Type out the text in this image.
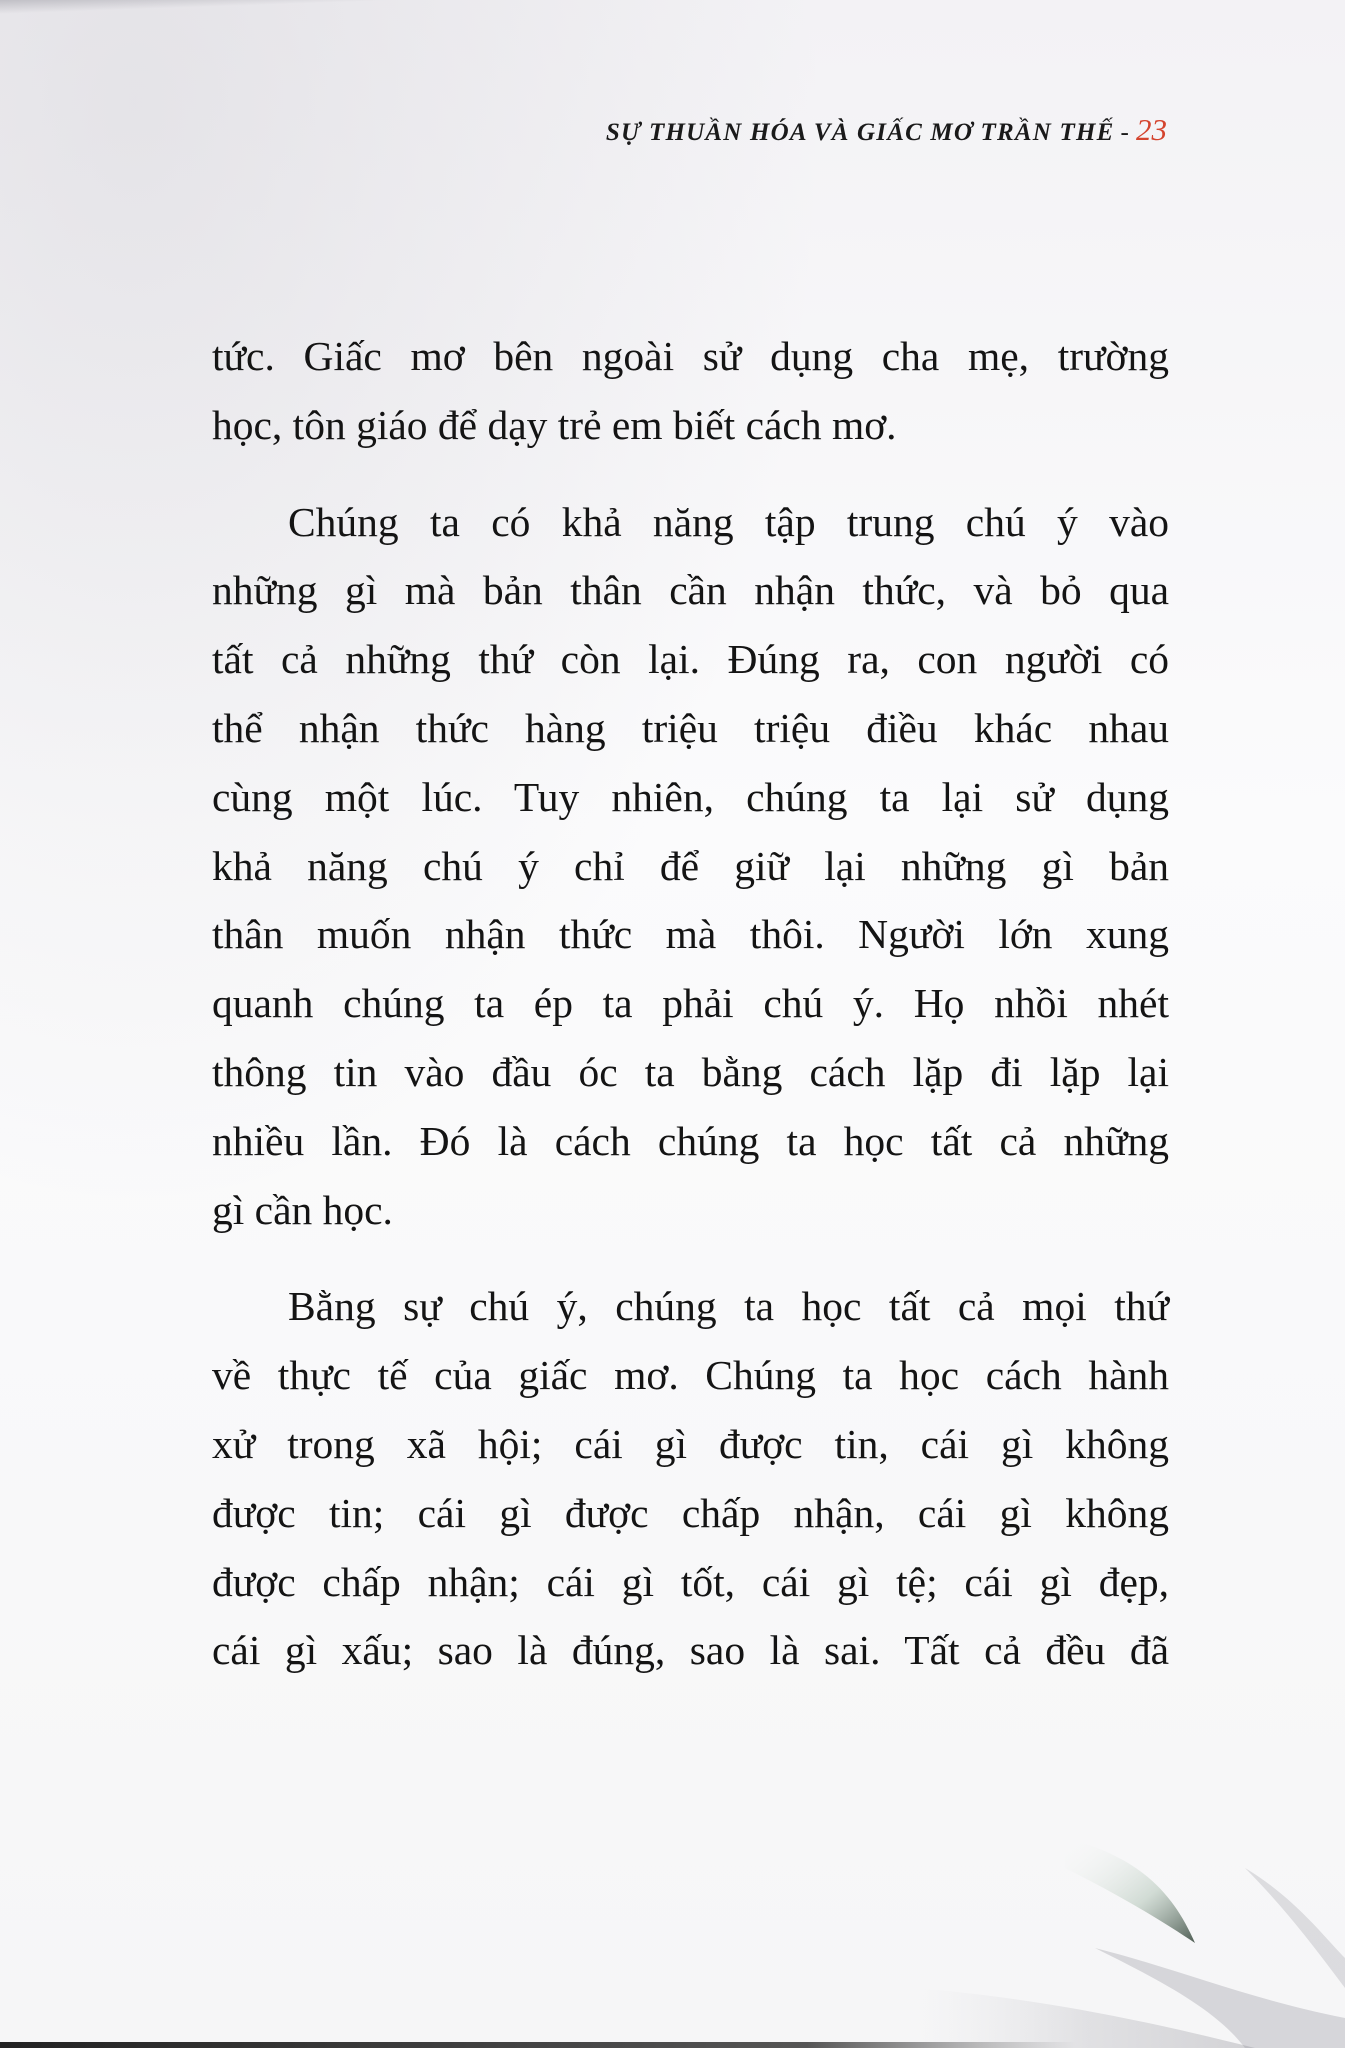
SỰ THUẦN HÓA VÀ GIẤC MƠ TRẦN THẾ - 23

tức. Giấc mơ bên ngoài sử dụng cha mẹ, trường
học, tôn giáo để dạy trẻ em biết cách mơ.

Chúng ta có khả năng tập trung chú ý vào
những gì mà bản thân cần nhận thức, và bỏ qua
tất cả những thứ còn lại. Đúng ra, con người có
thể nhận thức hàng triệu triệu điều khác nhau
cùng một lúc. Tuy nhiên, chúng ta lại sử dụng
khả năng chú ý chỉ để giữ lại những gì bản
thân muốn nhận thức mà thôi. Người lớn xung
quanh chúng ta ép ta phải chú ý. Họ nhồi nhét
thông tin vào đầu óc ta bằng cách lặp đi lặp lại
nhiều lần. Đó là cách chúng ta học tất cả những
gì cần học.

Bằng sự chú ý, chúng ta học tất cả mọi thứ
về thực tế của giấc mơ. Chúng ta học cách hành
xử trong xã hội; cái gì được tin, cái gì không
được tin; cái gì được chấp nhận, cái gì không
được chấp nhận; cái gì tốt, cái gì tệ; cái gì đẹp,
cái gì xấu; sao là đúng, sao là sai. Tất cả đều đã
